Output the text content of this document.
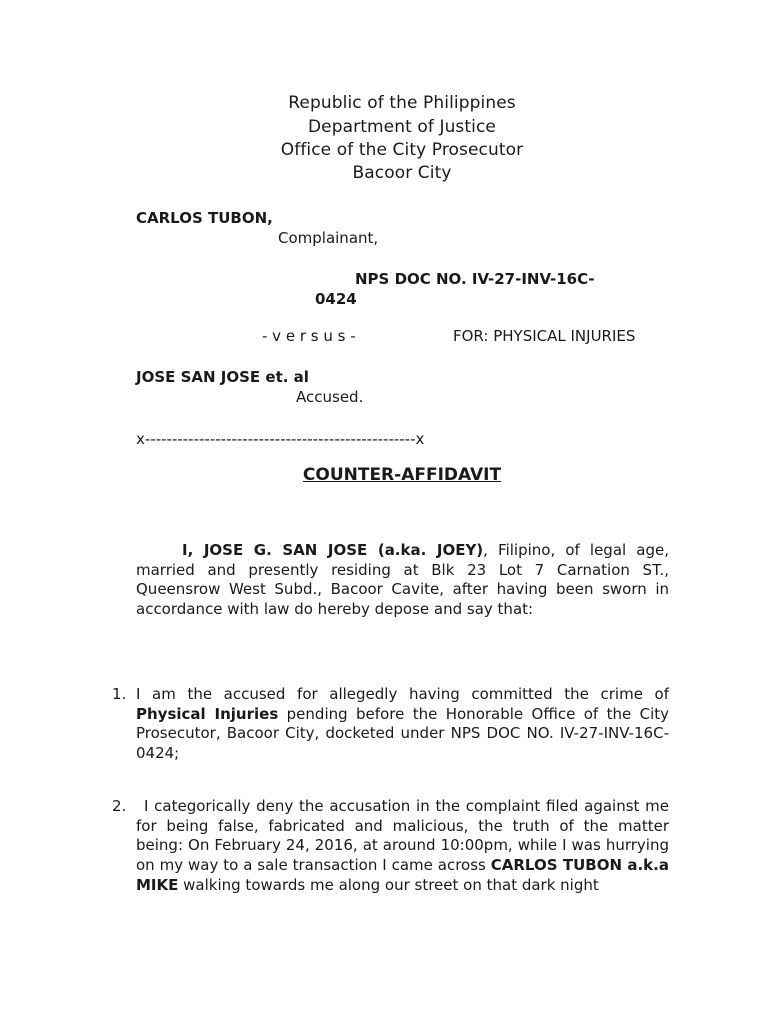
Republic of the Philippines
Department of Justice
Office of the City Prosecutor
Bacoor City
CARLOS TUBON,
Complainant,
NPS DOC NO. IV-27-INV-16C-
0424
- v e r s u s -	FOR: PHYSICAL INJURIES
JOSE SAN JOSE et. al
Accused.
x--------------------------------------------------x
COUNTER-AFFIDAVIT
I, JOSE G. SAN JOSE (a.ka. JOEY), Filipino, of legal age, married and presently residing at Blk 23 Lot 7 Carnation ST., Queensrow West Subd., Bacoor Cavite, after having been sworn in accordance with law do hereby depose and say that:
1. I am the accused for allegedly having committed the crime of Physical Injuries pending before the Honorable Office of the City Prosecutor, Bacoor City, docketed under NPS DOC NO. IV-27-INV-16C-0424;
2.	I categorically deny the accusation in the complaint filed against me for being false, fabricated and malicious, the truth of the matter being: On February 24, 2016, at around 10:00pm, while I was hurrying on my way to a sale transaction I came across CARLOS TUBON a.k.a MIKE walking towards me along our street on that dark night
